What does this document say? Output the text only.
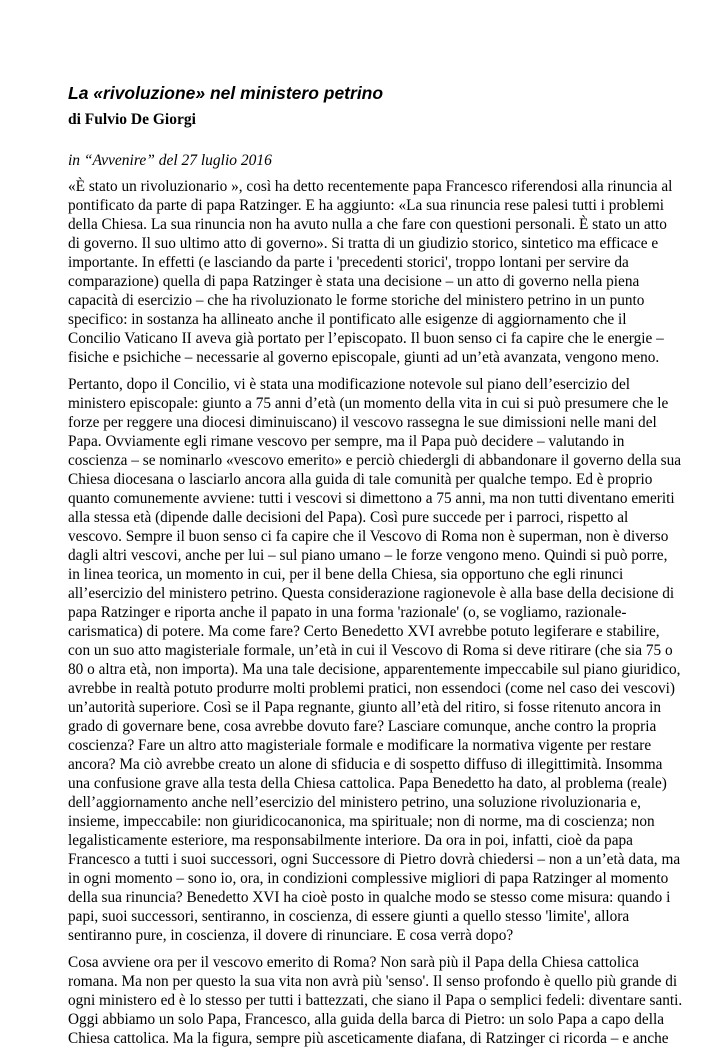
La «rivoluzione» nel ministero petrino

di Fulvio De Giorgi

in “Avvenire” del 27 luglio 2016

«È stato un rivoluzionario », così ha detto recentemente papa Francesco riferendosi alla rinuncia al
pontificato da parte di papa Ratzinger. E ha aggiunto: «La sua rinuncia rese palesi tutti i problemi
della Chiesa. La sua rinuncia non ha avuto nulla a che fare con questioni personali. È stato un atto
di governo. Il suo ultimo atto di governo». Si tratta di un giudizio storico, sintetico ma efficace e
importante. In effetti (e lasciando da parte i 'precedenti storici', troppo lontani per servire da
comparazione) quella di papa Ratzinger è stata una decisione – un atto di governo nella piena
capacità di esercizio – che ha rivoluzionato le forme storiche del ministero petrino in un punto
specifico: in sostanza ha allineato anche il pontificato alle esigenze di aggiornamento che il
Concilio Vaticano II aveva già portato per l’episcopato. Il buon senso ci fa capire che le energie –
fisiche e psichiche – necessarie al governo episcopale, giunti ad un’età avanzata, vengono meno.

Pertanto, dopo il Concilio, vi è stata una modificazione notevole sul piano dell’esercizio del
ministero episcopale: giunto a 75 anni d’età (un momento della vita in cui si può presumere che le
forze per reggere una diocesi diminuiscano) il vescovo rassegna le sue dimissioni nelle mani del
Papa. Ovviamente egli rimane vescovo per sempre, ma il Papa può decidere – valutando in
coscienza – se nominarlo «vescovo emerito» e perciò chiedergli di abbandonare il governo della sua
Chiesa diocesana o lasciarlo ancora alla guida di tale comunità per qualche tempo. Ed è proprio
quanto comunemente avviene: tutti i vescovi si dimettono a 75 anni, ma non tutti diventano emeriti
alla stessa età (dipende dalle decisioni del Papa). Così pure succede per i parroci, rispetto al
vescovo. Sempre il buon senso ci fa capire che il Vescovo di Roma non è superman, non è diverso
dagli altri vescovi, anche per lui – sul piano umano – le forze vengono meno. Quindi si può porre,
in linea teorica, un momento in cui, per il bene della Chiesa, sia opportuno che egli rinunci
all’esercizio del ministero petrino. Questa considerazione ragionevole è alla base della decisione di
papa Ratzinger e riporta anche il papato in una forma 'razionale' (o, se vogliamo, razionale-
carismatica) di potere. Ma come fare? Certo Benedetto XVI avrebbe potuto legiferare e stabilire,
con un suo atto magisteriale formale, un’età in cui il Vescovo di Roma si deve ritirare (che sia 75 o
80 o altra età, non importa). Ma una tale decisione, apparentemente impeccabile sul piano giuridico,
avrebbe in realtà potuto produrre molti problemi pratici, non essendoci (come nel caso dei vescovi)
un’autorità superiore. Così se il Papa regnante, giunto all’età del ritiro, si fosse ritenuto ancora in
grado di governare bene, cosa avrebbe dovuto fare? Lasciare comunque, anche contro la propria
coscienza? Fare un altro atto magisteriale formale e modificare la normativa vigente per restare
ancora? Ma ciò avrebbe creato un alone di sfiducia e di sospetto diffuso di illegittimità. Insomma
una confusione grave alla testa della Chiesa cattolica. Papa Benedetto ha dato, al problema (reale)
dell’aggiornamento anche nell’esercizio del ministero petrino, una soluzione rivoluzionaria e,
insieme, impeccabile: non giuridicocanonica, ma spirituale; non di norme, ma di coscienza; non
legalisticamente esteriore, ma responsabilmente interiore. Da ora in poi, infatti, cioè da papa
Francesco a tutti i suoi successori, ogni Successore di Pietro dovrà chiedersi – non a un’età data, ma
in ogni momento – sono io, ora, in condizioni complessive migliori di papa Ratzinger al momento
della sua rinuncia? Benedetto XVI ha cioè posto in qualche modo se stesso come misura: quando i
papi, suoi successori, sentiranno, in coscienza, di essere giunti a quello stesso 'limite', allora
sentiranno pure, in coscienza, il dovere di rinunciare. E cosa verrà dopo?

Cosa avviene ora per il vescovo emerito di Roma? Non sarà più il Papa della Chiesa cattolica
romana. Ma non per questo la sua vita non avrà più 'senso'. Il senso profondo è quello più grande di
ogni ministero ed è lo stesso per tutti i battezzati, che siano il Papa o semplici fedeli: diventare santi.
Oggi abbiamo un solo Papa, Francesco, alla guida della barca di Pietro: un solo Papa a capo della
Chiesa cattolica. Ma la figura, sempre più asceticamente diafana, di Ratzinger ci ricorda – e anche
